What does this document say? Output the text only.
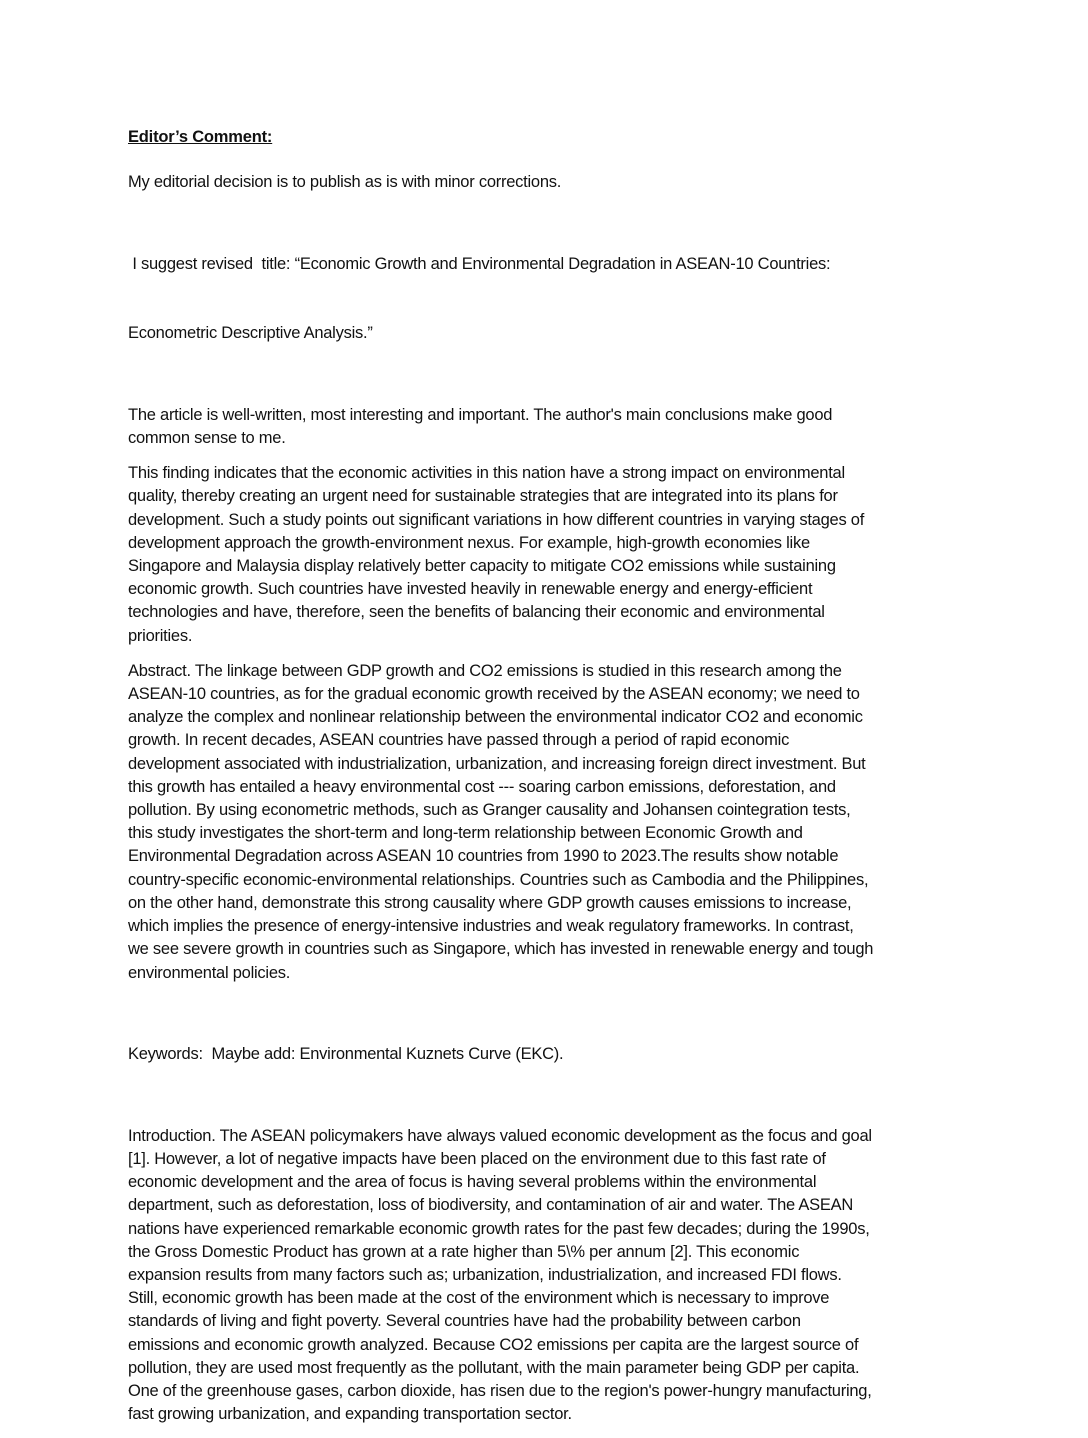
Editor’s Comment:
My editorial decision is to publish as is with minor corrections.

I suggest revised  title: “Economic Growth and Environmental Degradation in ASEAN-10 Countries:

Econometric Descriptive Analysis.”

The article is well-written, most interesting and important. The author's main conclusions make good
common sense to me.
This finding indicates that the economic activities in this nation have a strong impact on environmental
quality, thereby creating an urgent need for sustainable strategies that are integrated into its plans for
development. Such a study points out significant variations in how different countries in varying stages of
development approach the growth-environment nexus. For example, high-growth economies like
Singapore and Malaysia display relatively better capacity to mitigate CO2 emissions while sustaining
economic growth. Such countries have invested heavily in renewable energy and energy-efficient
technologies and have, therefore, seen the benefits of balancing their economic and environmental
priorities.
Abstract. The linkage between GDP growth and CO2 emissions is studied in this research among the
ASEAN-10 countries, as for the gradual economic growth received by the ASEAN economy; we need to
analyze the complex and nonlinear relationship between the environmental indicator CO2 and economic
growth. In recent decades, ASEAN countries have passed through a period of rapid economic
development associated with industrialization, urbanization, and increasing foreign direct investment. But
this growth has entailed a heavy environmental cost --- soaring carbon emissions, deforestation, and
pollution. By using econometric methods, such as Granger causality and Johansen cointegration tests,
this study investigates the short-term and long-term relationship between Economic Growth and
Environmental Degradation across ASEAN 10 countries from 1990 to 2023.The results show notable
country-specific economic-environmental relationships. Countries such as Cambodia and the Philippines,
on the other hand, demonstrate this strong causality where GDP growth causes emissions to increase,
which implies the presence of energy-intensive industries and weak regulatory frameworks. In contrast,
we see severe growth in countries such as Singapore, which has invested in renewable energy and tough
environmental policies.

Keywords:  Maybe add: Environmental Kuznets Curve (EKC).

Introduction. The ASEAN policymakers have always valued economic development as the focus and goal
[1]. However, a lot of negative impacts have been placed on the environment due to this fast rate of
economic development and the area of focus is having several problems within the environmental
department, such as deforestation, loss of biodiversity, and contamination of air and water. The ASEAN
nations have experienced remarkable economic growth rates for the past few decades; during the 1990s,
the Gross Domestic Product has grown at a rate higher than 5\% per annum [2]. This economic
expansion results from many factors such as; urbanization, industrialization, and increased FDI flows.
Still, economic growth has been made at the cost of the environment which is necessary to improve
standards of living and fight poverty. Several countries have had the probability between carbon
emissions and economic growth analyzed. Because CO2 emissions per capita are the largest source of
pollution, they are used most frequently as the pollutant, with the main parameter being GDP per capita.
One of the greenhouse gases, carbon dioxide, has risen due to the region's power-hungry manufacturing,
fast growing urbanization, and expanding transportation sector.
